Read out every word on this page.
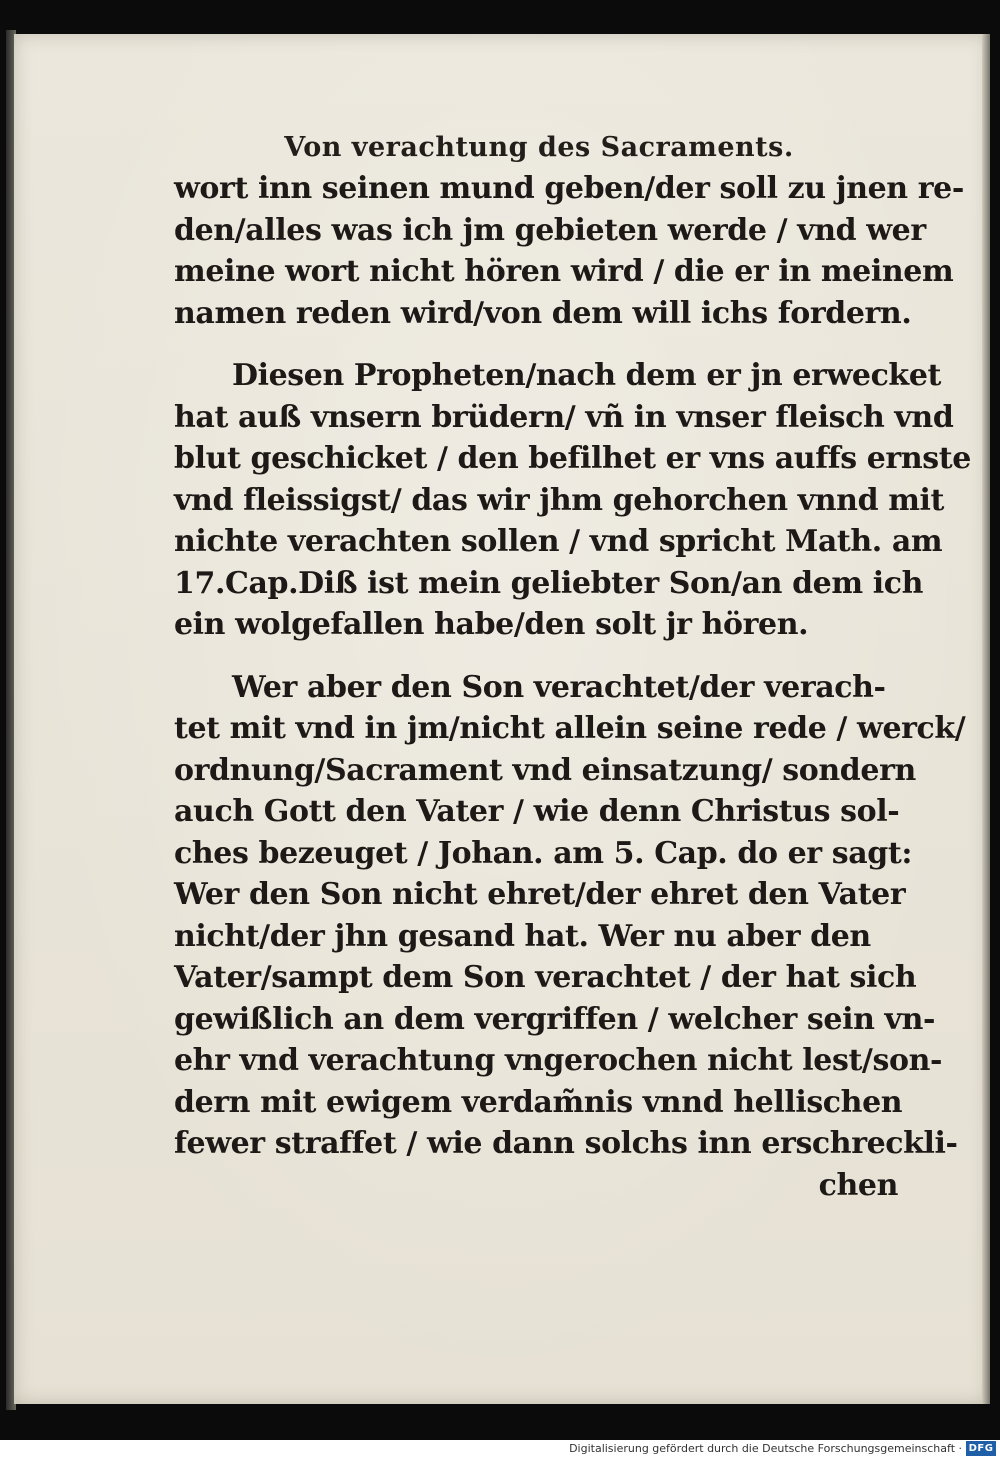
Von verachtung des Sacraments.
wort inn seinen mund geben/der soll zu jnen re-
den/alles was ich jm gebieten werde / vnd wer
meine wort nicht hören wird / die er in meinem
namen reden wird/von dem will ichs fordern.
Diesen Propheten/nach dem er jn erwecket
hat auß vnsern brüdern/ vñ in vnser fleisch vnd
blut geschicket / den befilhet er vns auffs ernste
vnd fleissigst/ das wir jhm gehorchen vnnd mit
nichte verachten sollen / vnd spricht Math. am
17.Cap.Diß ist mein geliebter Son/an dem ich
ein wolgefallen habe/den solt jr hören.
Wer aber den Son verachtet/der verach-
tet mit vnd in jm/nicht allein seine rede / werck/
ordnung/Sacrament vnd einsatzung/ sondern
auch Gott den Vater / wie denn Christus sol-
ches bezeuget / Johan. am 5. Cap. do er sagt:
Wer den Son nicht ehret/der ehret den Vater
nicht/der jhn gesand hat. Wer nu aber den
Vater/sampt dem Son verachtet / der hat sich
gewißlich an dem vergriffen / welcher sein vn-
ehr vnd verachtung vngerochen nicht lest/son-
dern mit ewigem verdam̃nis vnnd hellischen
fewer straffet / wie dann solchs inn erschreckli-
chen
Digitalisierung gefördert durch die Deutsche Forschungsgemeinschaft · DFG
